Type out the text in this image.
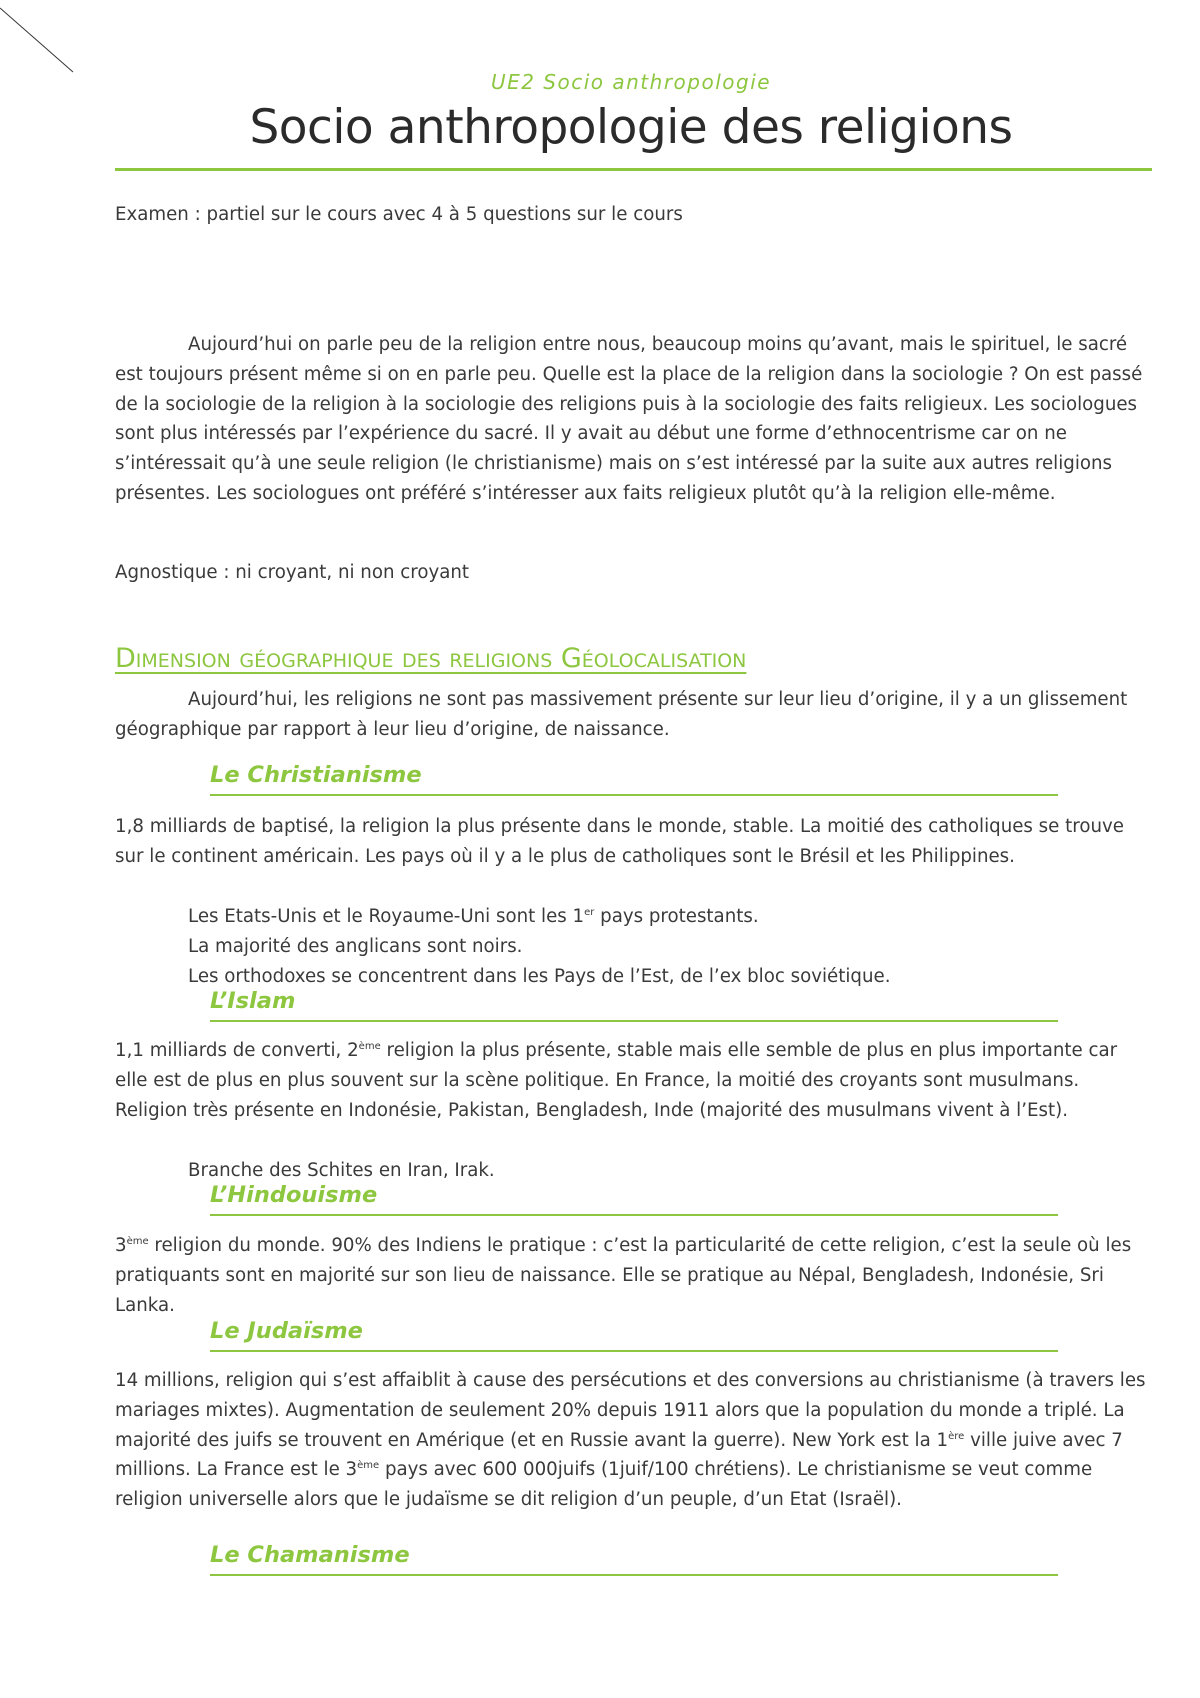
UE2 Socio anthropologie
Socio anthropologie des religions

Examen : partiel sur le cours avec 4 à 5 questions sur le cours

Aujourd’hui on parle peu de la religion entre nous, beaucoup moins qu’avant, mais le spirituel, le sacré est toujours présent même si on en parle peu. Quelle est la place de la religion dans la sociologie ? On est passé de la sociologie de la religion à la sociologie des religions puis à la sociologie des faits religieux. Les sociologues sont plus intéressés par l’expérience du sacré. Il y avait au début une forme d’ethnocentrisme car on ne s’intéressait qu’à une seule religion (le christianisme) mais on s’est intéressé par la suite aux autres religions présentes. Les sociologues ont préféré s’intéresser aux faits religieux plutôt qu’à la religion elle-même.

Agnostique : ni croyant, ni non croyant

Dimension géographique des religions Géolocalisation

Aujourd’hui, les religions ne sont pas massivement présente sur leur lieu d’origine, il y a un glissement géographique par rapport à leur lieu d’origine, de naissance.

Le Christianisme

1,8 milliards de baptisé, la religion la plus présente dans le monde, stable. La moitié des catholiques se trouve sur le continent américain. Les pays où il y a le plus de catholiques sont le Brésil et les Philippines.

Les Etats-Unis et le Royaume-Uni sont les 1er pays protestants.

La majorité des anglicans sont noirs.

Les orthodoxes se concentrent dans les Pays de l’Est, de l’ex bloc soviétique.

L’Islam

1,1 milliards de converti, 2ème religion la plus présente, stable mais elle semble de plus en plus importante car elle est de plus en plus souvent sur la scène politique. En France, la moitié des croyants sont musulmans. Religion très présente en Indonésie, Pakistan, Bengladesh, Inde (majorité des musulmans vivent à l’Est).

Branche des Schites en Iran, Irak.

L’Hindouisme

3ème religion du monde. 90% des Indiens le pratique : c’est la particularité de cette religion, c’est la seule où les pratiquants sont en majorité sur son lieu de naissance. Elle se pratique au Népal, Bengladesh, Indonésie, Sri Lanka.

Le Judaïsme

14 millions, religion qui s’est affaiblit à cause des persécutions et des conversions au christianisme (à travers les mariages mixtes). Augmentation de seulement 20% depuis 1911 alors que la population du monde a triplé. La majorité des juifs se trouvent en Amérique (et en Russie avant la guerre). New York est la 1ère ville juive avec 7 millions. La France est le 3ème pays avec 600 000juifs (1juif/100 chrétiens). Le christianisme se veut comme religion universelle alors que le judaïsme se dit religion d’un peuple, d’un Etat (Israël).

Le Chamanisme
